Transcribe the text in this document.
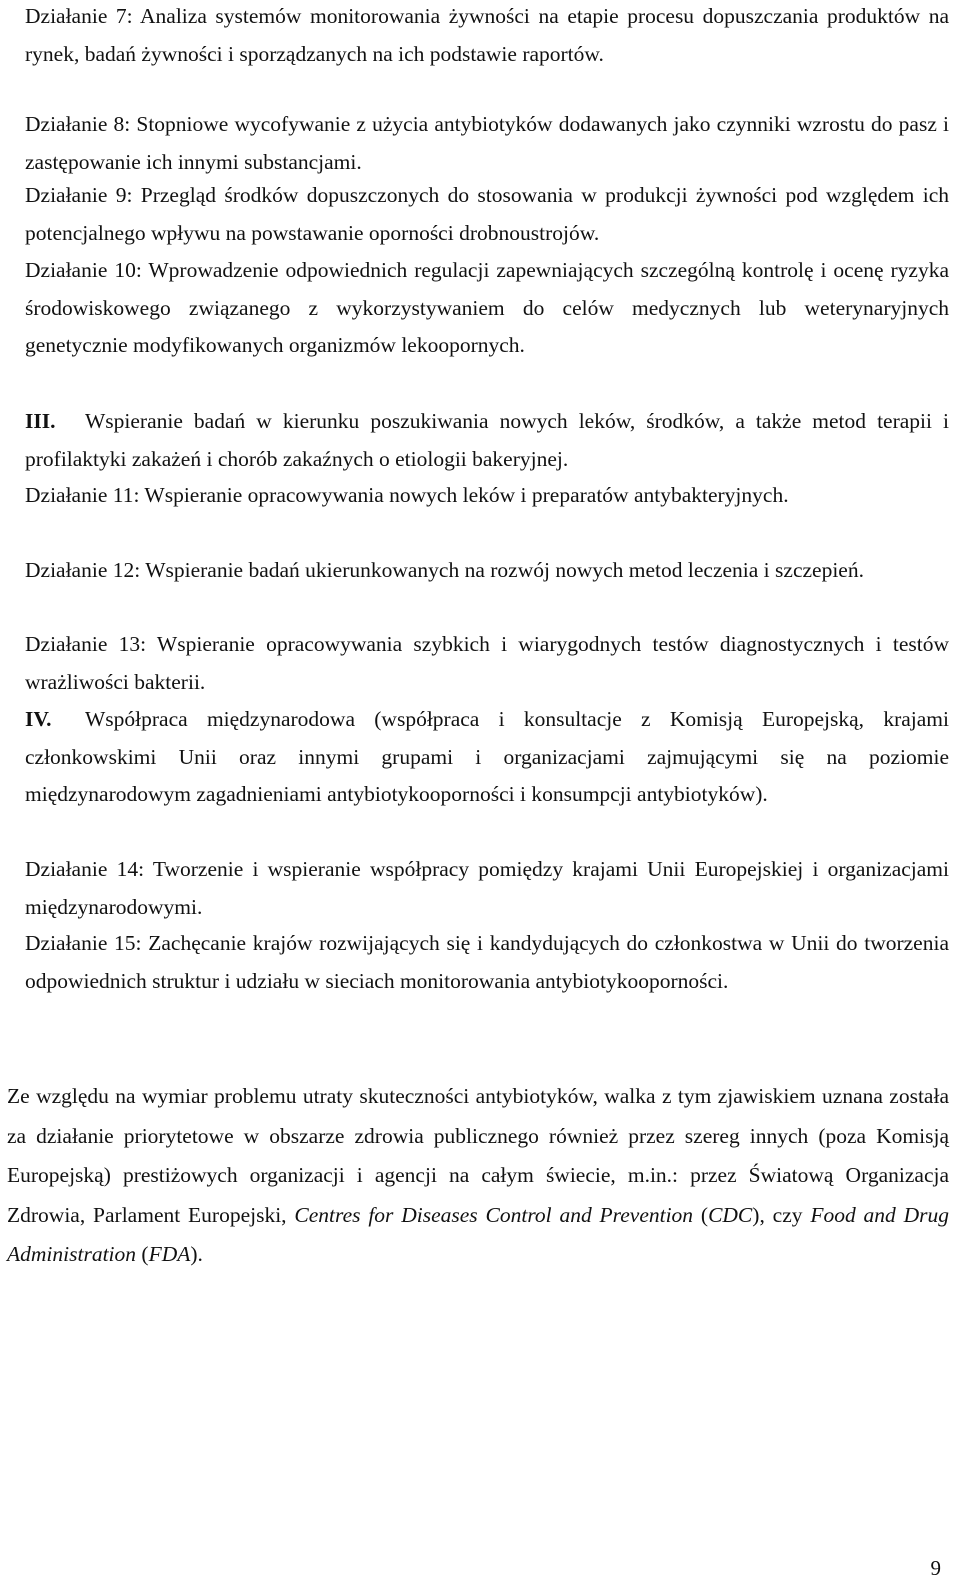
Działanie 7: Analiza systemów monitorowania żywności na etapie procesu dopuszczania produktów na rynek, badań żywności i sporządzanych na ich podstawie raportów.
Działanie 8: Stopniowe wycofywanie z użycia antybiotyków dodawanych jako czynniki wzrostu do pasz i zastępowanie ich innymi substancjami.
Działanie 9: Przegląd środków dopuszczonych do stosowania w produkcji żywności pod względem ich potencjalnego wpływu na powstawanie oporności drobnoustrojów.
Działanie 10: Wprowadzenie odpowiednich regulacji zapewniających szczególną kontrolę i ocenę ryzyka środowiskowego związanego z wykorzystywaniem do celów medycznych lub weterynaryjnych genetycznie modyfikowanych organizmów lekoopornych.
III. Wspieranie badań w kierunku poszukiwania nowych leków, środków, a także metod terapii i profilaktyki zakażeń i chorób zakaźnych o etiologii bakeryjnej.
Działanie 11: Wspieranie opracowywania nowych leków i preparatów antybakteryjnych.
Działanie 12: Wspieranie badań ukierunkowanych na rozwój nowych metod leczenia i szczepień.
Działanie 13: Wspieranie opracowywania szybkich i wiarygodnych testów diagnostycznych i testów wrażliwości bakterii.
IV. Współpraca międzynarodowa (współpraca i konsultacje z Komisją Europejską, krajami członkowskimi Unii oraz innymi grupami i organizacjami zajmującymi się na poziomie międzynarodowym zagadnieniami antybiotykooporności i konsumpcji antybiotyków).
Działanie 14: Tworzenie i wspieranie współpracy pomiędzy krajami Unii Europejskiej i organizacjami międzynarodowymi.
Działanie 15: Zachęcanie krajów rozwijających się i kandydujących do członkostwa w Unii do tworzenia odpowiednich struktur i udziału w sieciach monitorowania antybiotykooporności.
Ze względu na wymiar problemu utraty skuteczności antybiotyków, walka z tym zjawiskiem uznana została za działanie priorytetowe w obszarze zdrowia publicznego również przez szereg innych (poza Komisją Europejską) prestiżowych organizacji i agencji na całym świecie, m.in.: przez Światową Organizacja Zdrowia, Parlament Europejski, Centres for Diseases Control and Prevention (CDC), czy Food and Drug Administration (FDA).
9
